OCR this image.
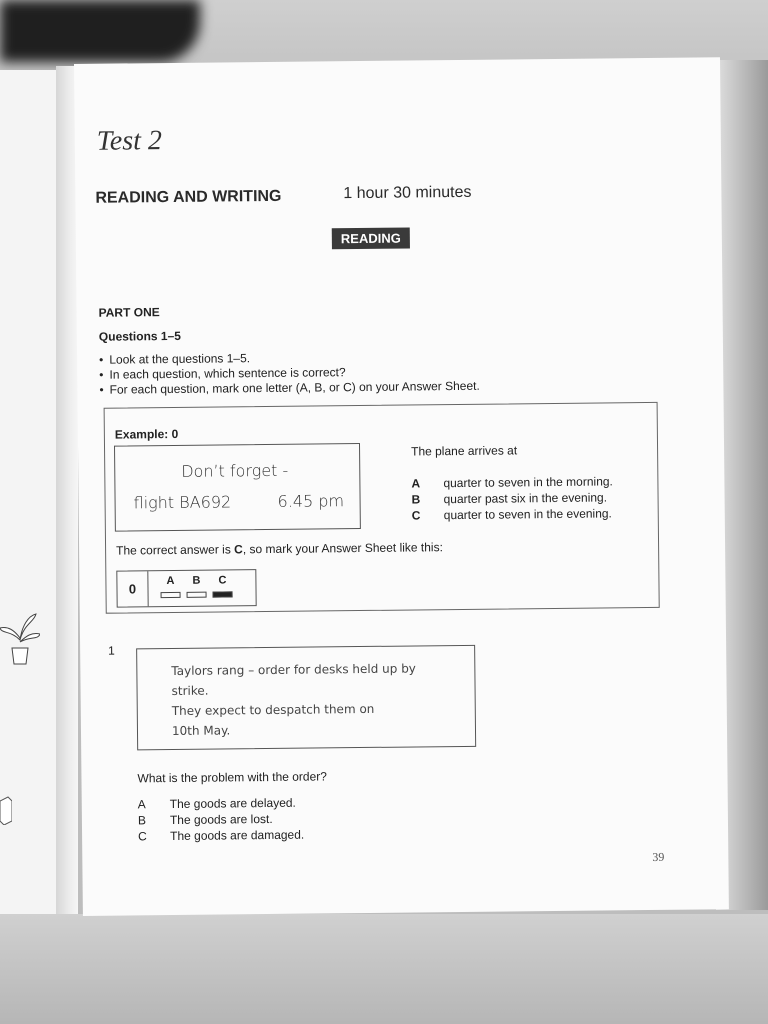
Test 2
READING AND WRITING	1 hour 30 minutes
READING
PART ONE
Questions 1–5
• Look at the questions 1–5.
• In each question, which sentence is correct?
• For each question, mark one letter (A, B, or C) on your Answer Sheet.
Example: 0
Don’t forget -
flight BA692	6.45 pm
The plane arrives at
A	quarter to seven in the morning.
B	quarter past six in the evening.
C	quarter to seven in the evening.
The correct answer is C, so mark your Answer Sheet like this:
0
A B C
1
Taylors rang – order for desks held up by
strike.
They expect to despatch them on
10th May.
What is the problem with the order?
A	The goods are delayed.
B	The goods are lost.
C	The goods are damaged.
39
